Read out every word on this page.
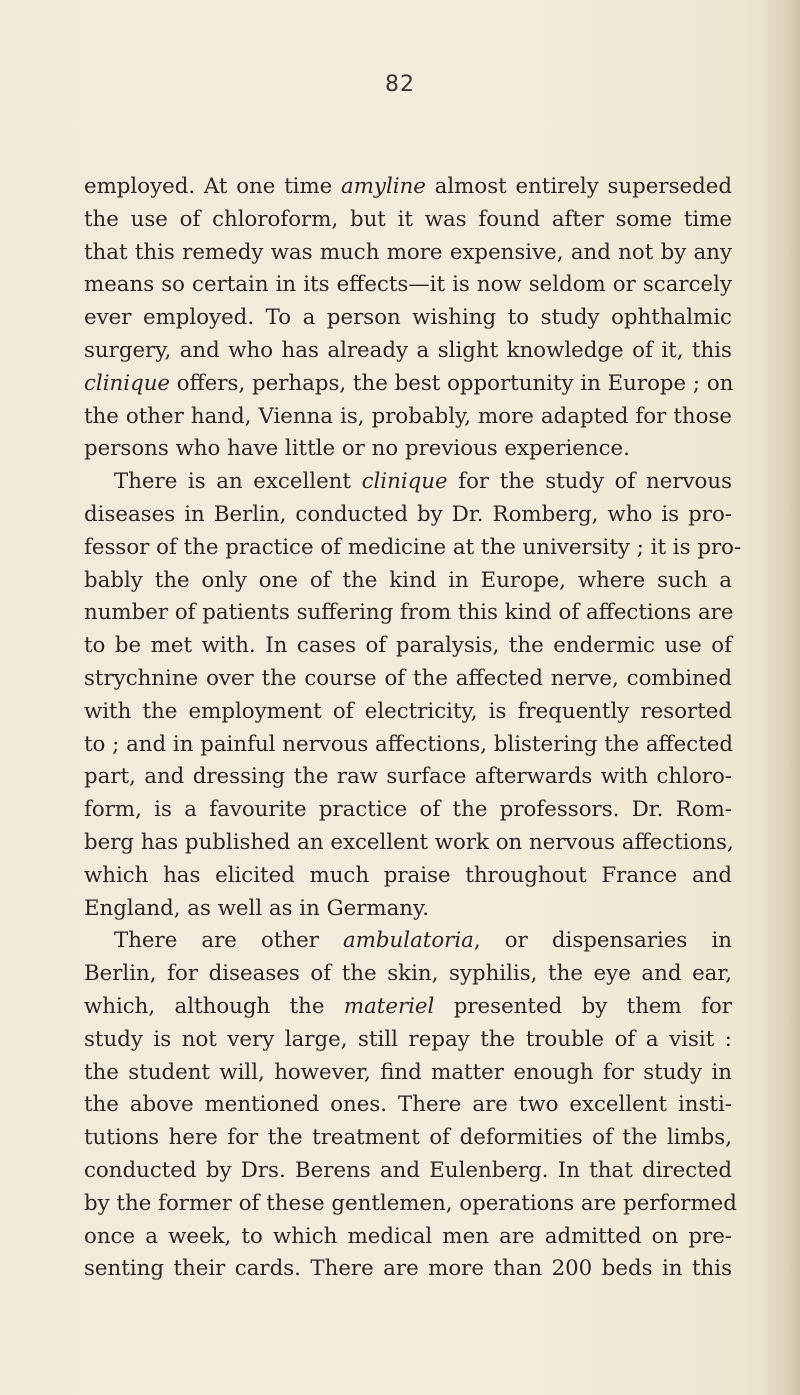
82
employed. At one time amyline almost entirely superseded
the use of chloroform, but it was found after some time
that this remedy was much more expensive, and not by any
means so certain in its effects—it is now seldom or scarcely
ever employed. To a person wishing to study ophthalmic
surgery, and who has already a slight knowledge of it, this
clinique offers, perhaps, the best opportunity in Europe ; on
the other hand, Vienna is, probably, more adapted for those
persons who have little or no previous experience.
There is an excellent clinique for the study of nervous
diseases in Berlin, conducted by Dr. Romberg, who is pro-
fessor of the practice of medicine at the university ; it is pro-
bably the only one of the kind in Europe, where such a
number of patients suffering from this kind of affections are
to be met with. In cases of paralysis, the endermic use of
strychnine over the course of the affected nerve, combined
with the employment of electricity, is frequently resorted
to ; and in painful nervous affections, blistering the affected
part, and dressing the raw surface afterwards with chloro-
form, is a favourite practice of the professors. Dr. Rom-
berg has published an excellent work on nervous affections,
which has elicited much praise throughout France and
England, as well as in Germany.
There are other ambulatoria, or dispensaries in
Berlin, for diseases of the skin, syphilis, the eye and ear,
which, although the materiel presented by them for
study is not very large, still repay the trouble of a visit :
the student will, however, find matter enough for study in
the above mentioned ones. There are two excellent insti-
tutions here for the treatment of deformities of the limbs,
conducted by Drs. Berens and Eulenberg. In that directed
by the former of these gentlemen, operations are performed
once a week, to which medical men are admitted on pre-
senting their cards. There are more than 200 beds in this
